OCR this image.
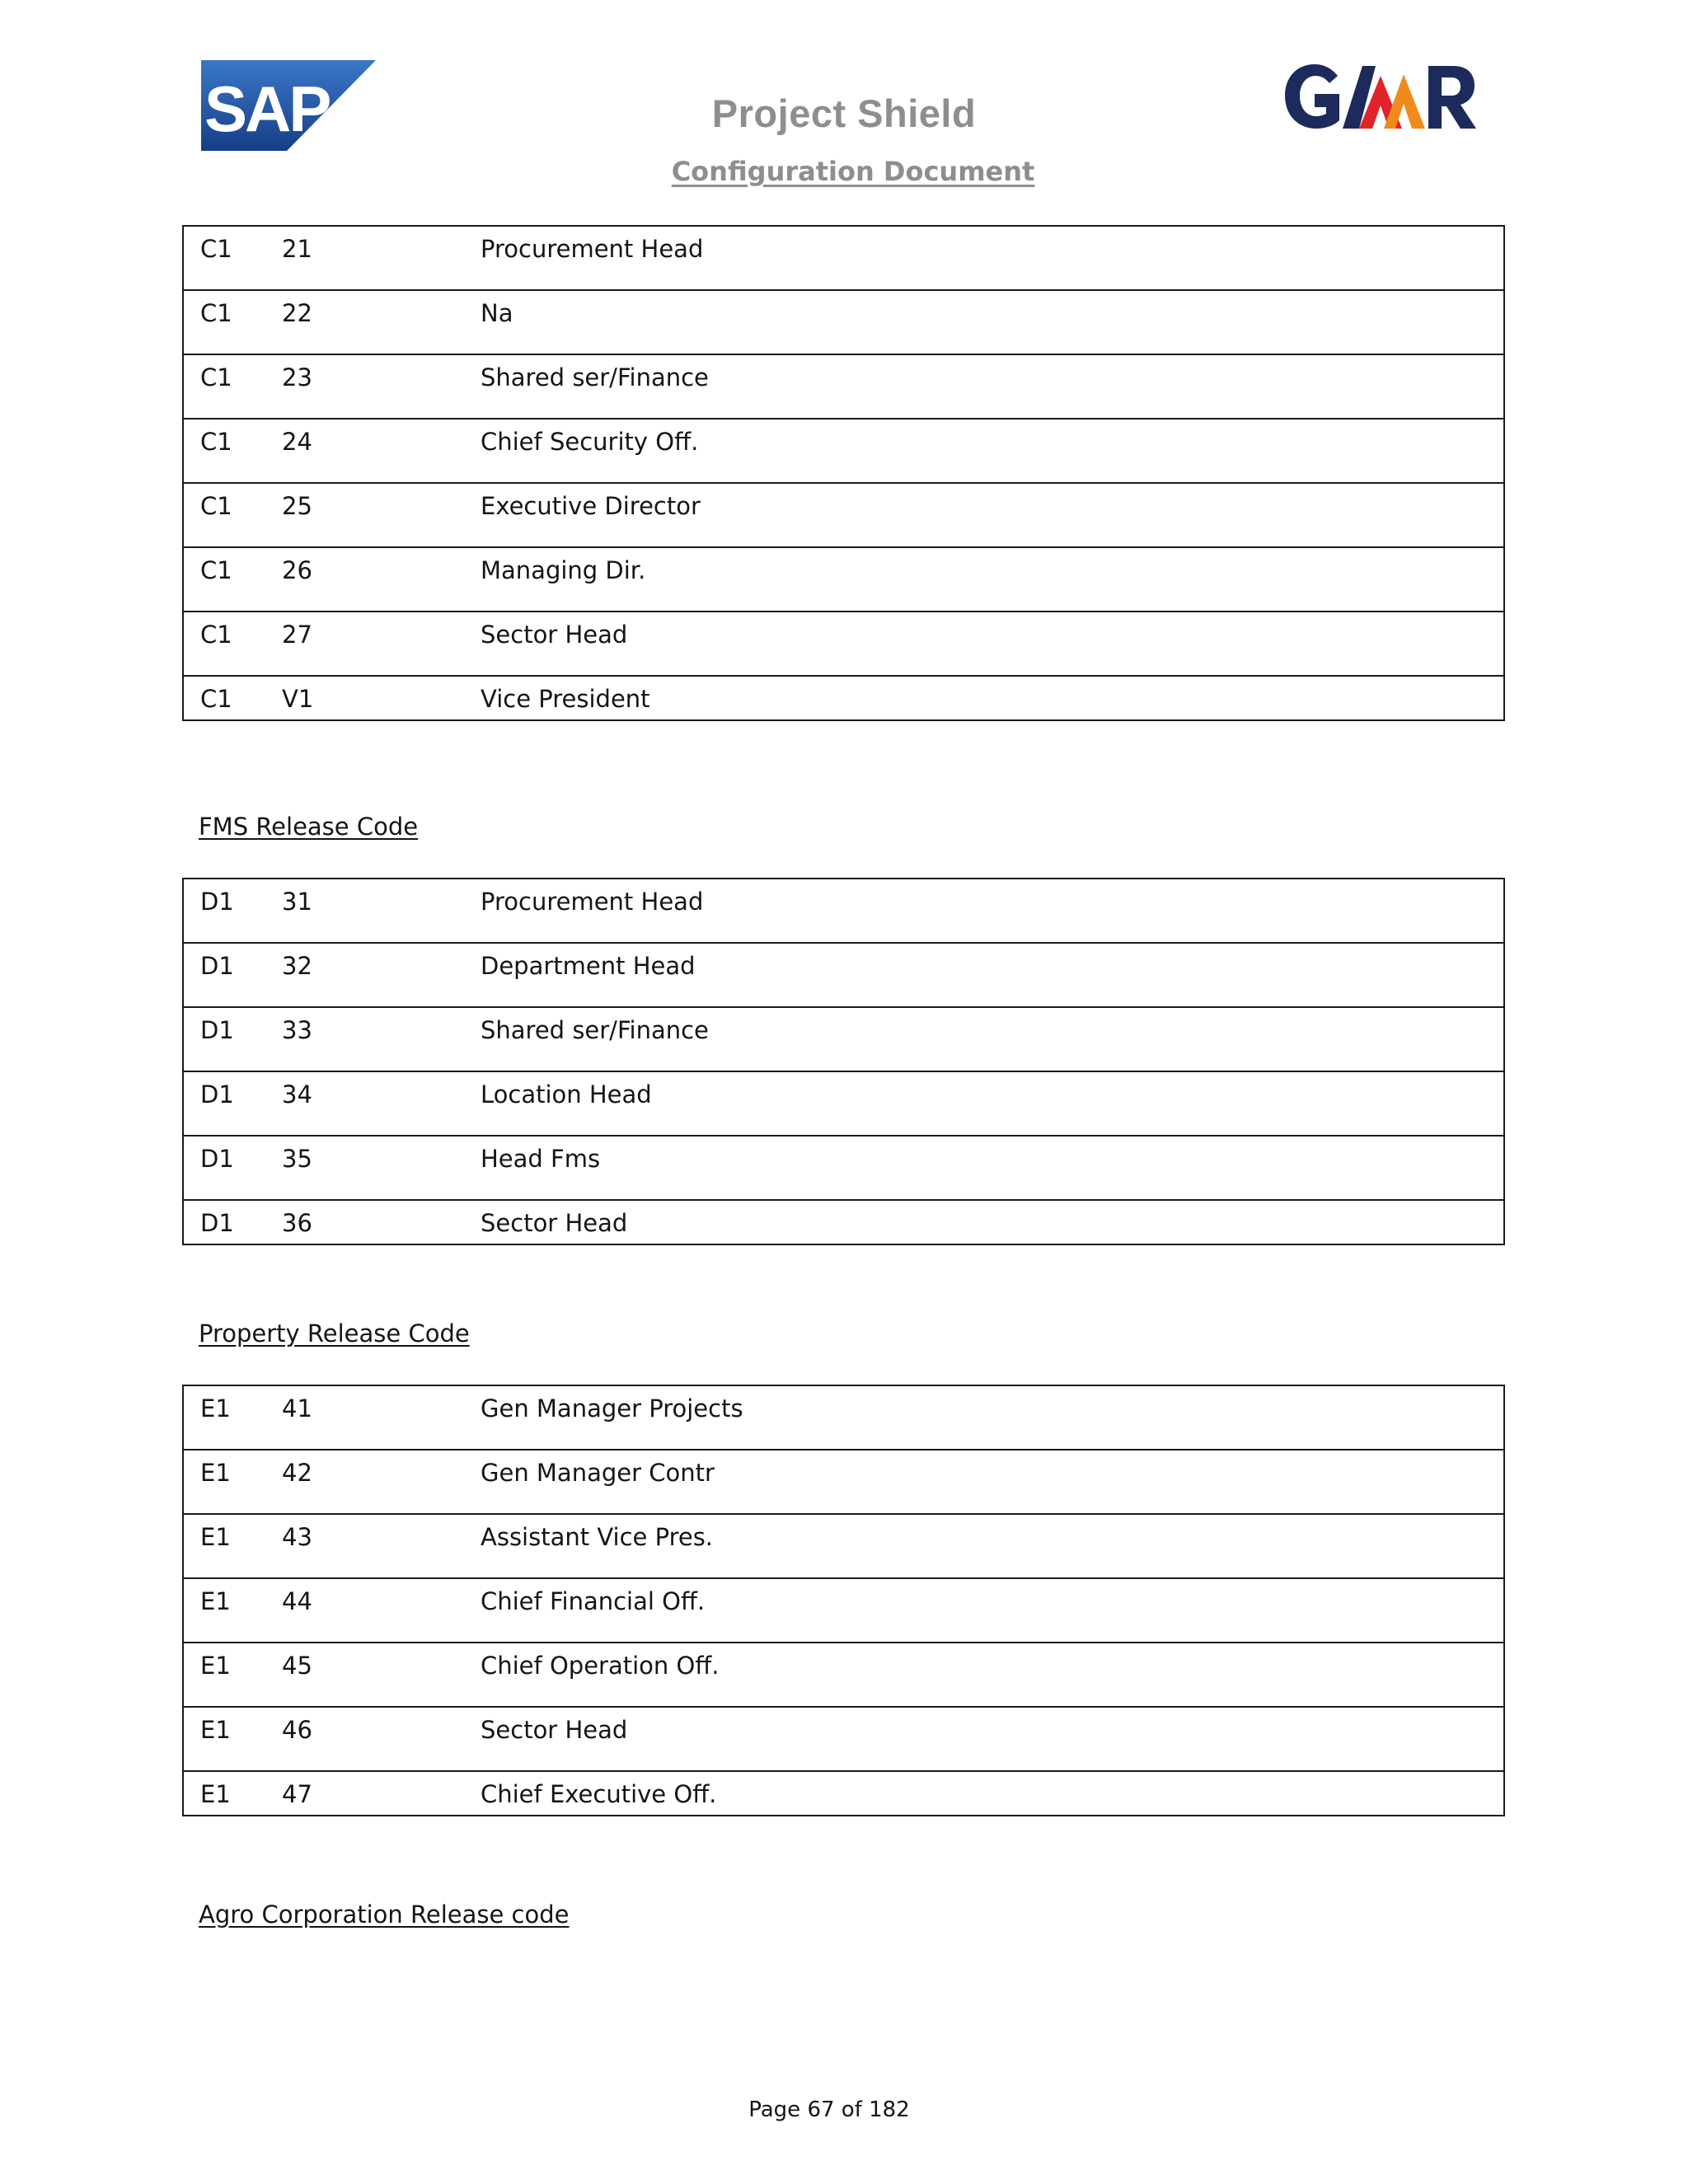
SAP	Project Shield
Configuration Document
C1	21	Procurement Head
C1	22	Na
C1	23	Shared ser/Finance
C1	24	Chief Security Off.
C1	25	Executive Director
C1	26	Managing Dir.
C1	27	Sector Head
C1	V1	Vice President
FMS Release Code
D1	31	Procurement Head
D1	32	Department Head
D1	33	Shared ser/Finance
D1	34	Location Head
D1	35	Head Fms
D1	36	Sector Head
Property Release Code
E1	41	Gen Manager Projects
E1	42	Gen Manager Contr
E1	43	Assistant Vice Pres.
E1	44	Chief Financial Off.
E1	45	Chief Operation Off.
E1	46	Sector Head
E1	47	Chief Executive Off.
Agro Corporation Release code
Page 67 of 182
